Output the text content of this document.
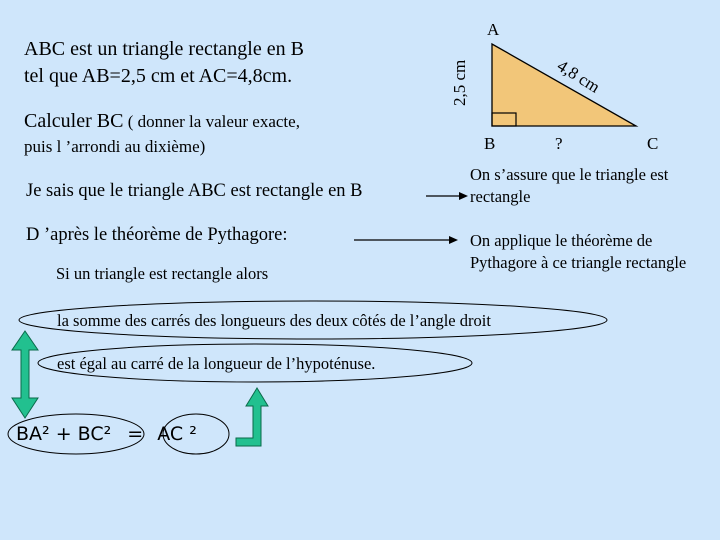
ABC est un triangle rectangle en B
tel que AB=2,5 cm et AC=4,8cm.
Calculer BC ( donner la valeur exacte,
puis l ’arrondi au dixième)
A
B	?	C
2,5 cm	4,8 cm
Je sais que le triangle ABC est rectangle en B
D ’après le théorème de Pythagore:
On s’assure que le triangle est rectangle
On applique le théorème de Pythagore à ce triangle rectangle
Si un triangle est rectangle alors
la somme des carrés des longueurs des deux côtés de l’angle droit
est égal au carré de la longueur de l’hypoténuse.
BA² + BC² = AC ²
